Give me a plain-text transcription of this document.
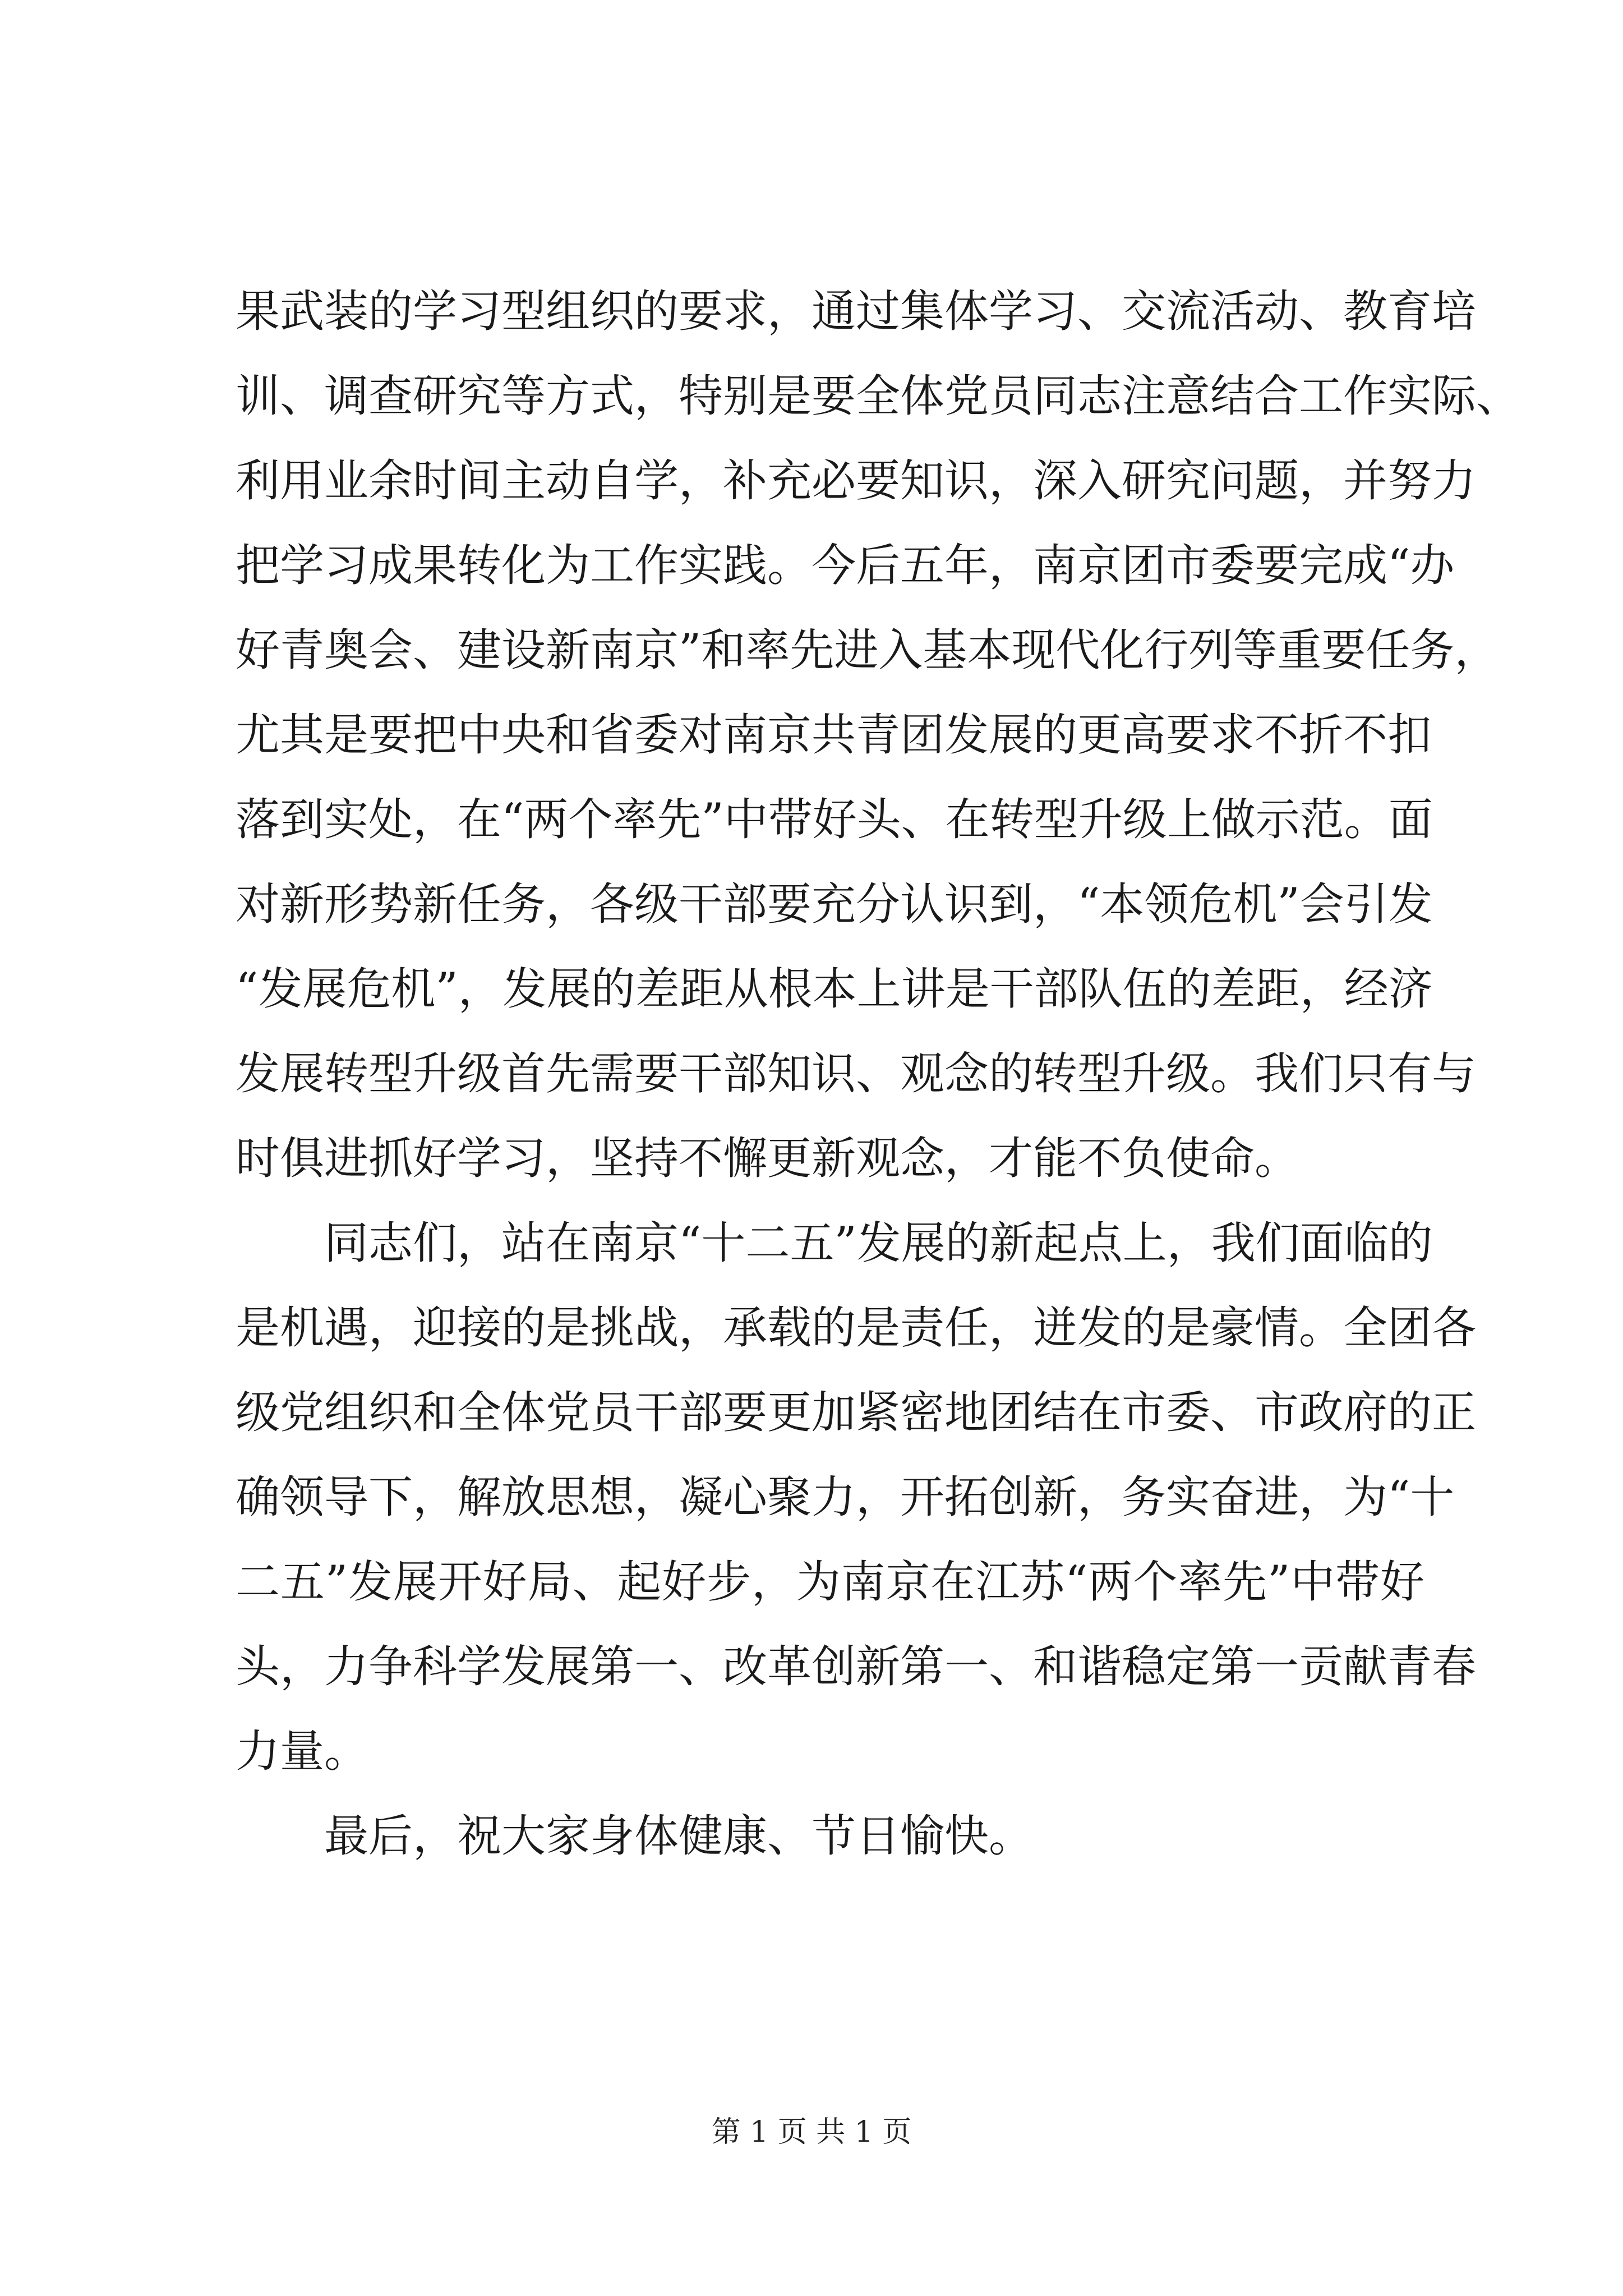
果武装的学习型组织的要求，通过集体学习、交流活动、教育培
训、调查研究等方式，特别是要全体党员同志注意结合工作实际、
利用业余时间主动自学，补充必要知识，深入研究问题，并努力
把学习成果转化为工作实践。今后五年，南京团市委要完成“办
好青奥会、建设新南京”和率先进入基本现代化行列等重要任务，
尤其是要把中央和省委对南京共青团发展的更高要求不折不扣
落到实处，在“两个率先”中带好头、在转型升级上做示范。面
对新形势新任务，各级干部要充分认识到，“本领危机”会引发
“发展危机”，发展的差距从根本上讲是干部队伍的差距，经济
发展转型升级首先需要干部知识、观念的转型升级。我们只有与
时俱进抓好学习，坚持不懈更新观念，才能不负使命。
同志们，站在南京“十二五”发展的新起点上，我们面临的
是机遇，迎接的是挑战，承载的是责任，迸发的是豪情。全团各
级党组织和全体党员干部要更加紧密地团结在市委、市政府的正
确领导下，解放思想，凝心聚力，开拓创新，务实奋进，为“十
二五”发展开好局、起好步，为南京在江苏“两个率先”中带好
头，力争科学发展第一、改革创新第一、和谐稳定第一贡献青春
力量。
最后，祝大家身体健康、节日愉快。
第 1 页 共 1 页
